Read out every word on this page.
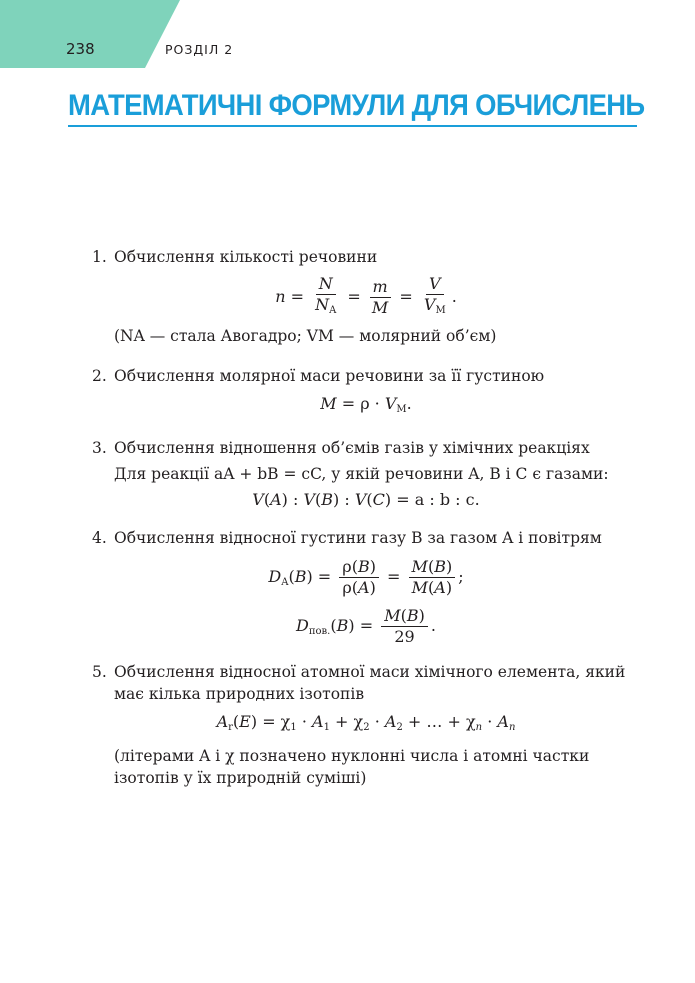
238	РОЗДІЛ 2
МАТЕМАТИЧНІ ФОРМУЛИ ДЛЯ ОБЧИСЛЕНЬ
1. Обчислення кількості речовини
$n = \frac{N}{N_A} = \frac{m}{M} = \frac{V}{V_M}$ .
(NA — стала Авогадро; VM — молярний об’єм)
2. Обчислення молярної маси речовини за її густиною
$M = \rho \cdot V_M$.
3. Обчислення відношення об’ємів газів у хімічних реакціях
Для реакції aA + bB = cC, у якій речовини A, B і C є газами:
V(A) : V(B) : V(C) = a : b : c.
4. Обчислення відносної густини газу B за газом A і повітрям
$D_A(B) = \frac{\rho(B)}{\rho(A)} = \frac{M(B)}{M(A)}$ ;
$D_{пов.}(B) = \frac{M(B)}{29}$ .
5. Обчислення відносної атомної маси хімічного елемента, який має кілька природних ізотопів
$A_r(E) = \chi_1 \cdot A_1 + \chi_2 \cdot A_2$ + … + $\chi_n \cdot A_n$
(літерами A і χ позначено нуклонні числа і атомні частки ізотопів у їх природній суміші)
